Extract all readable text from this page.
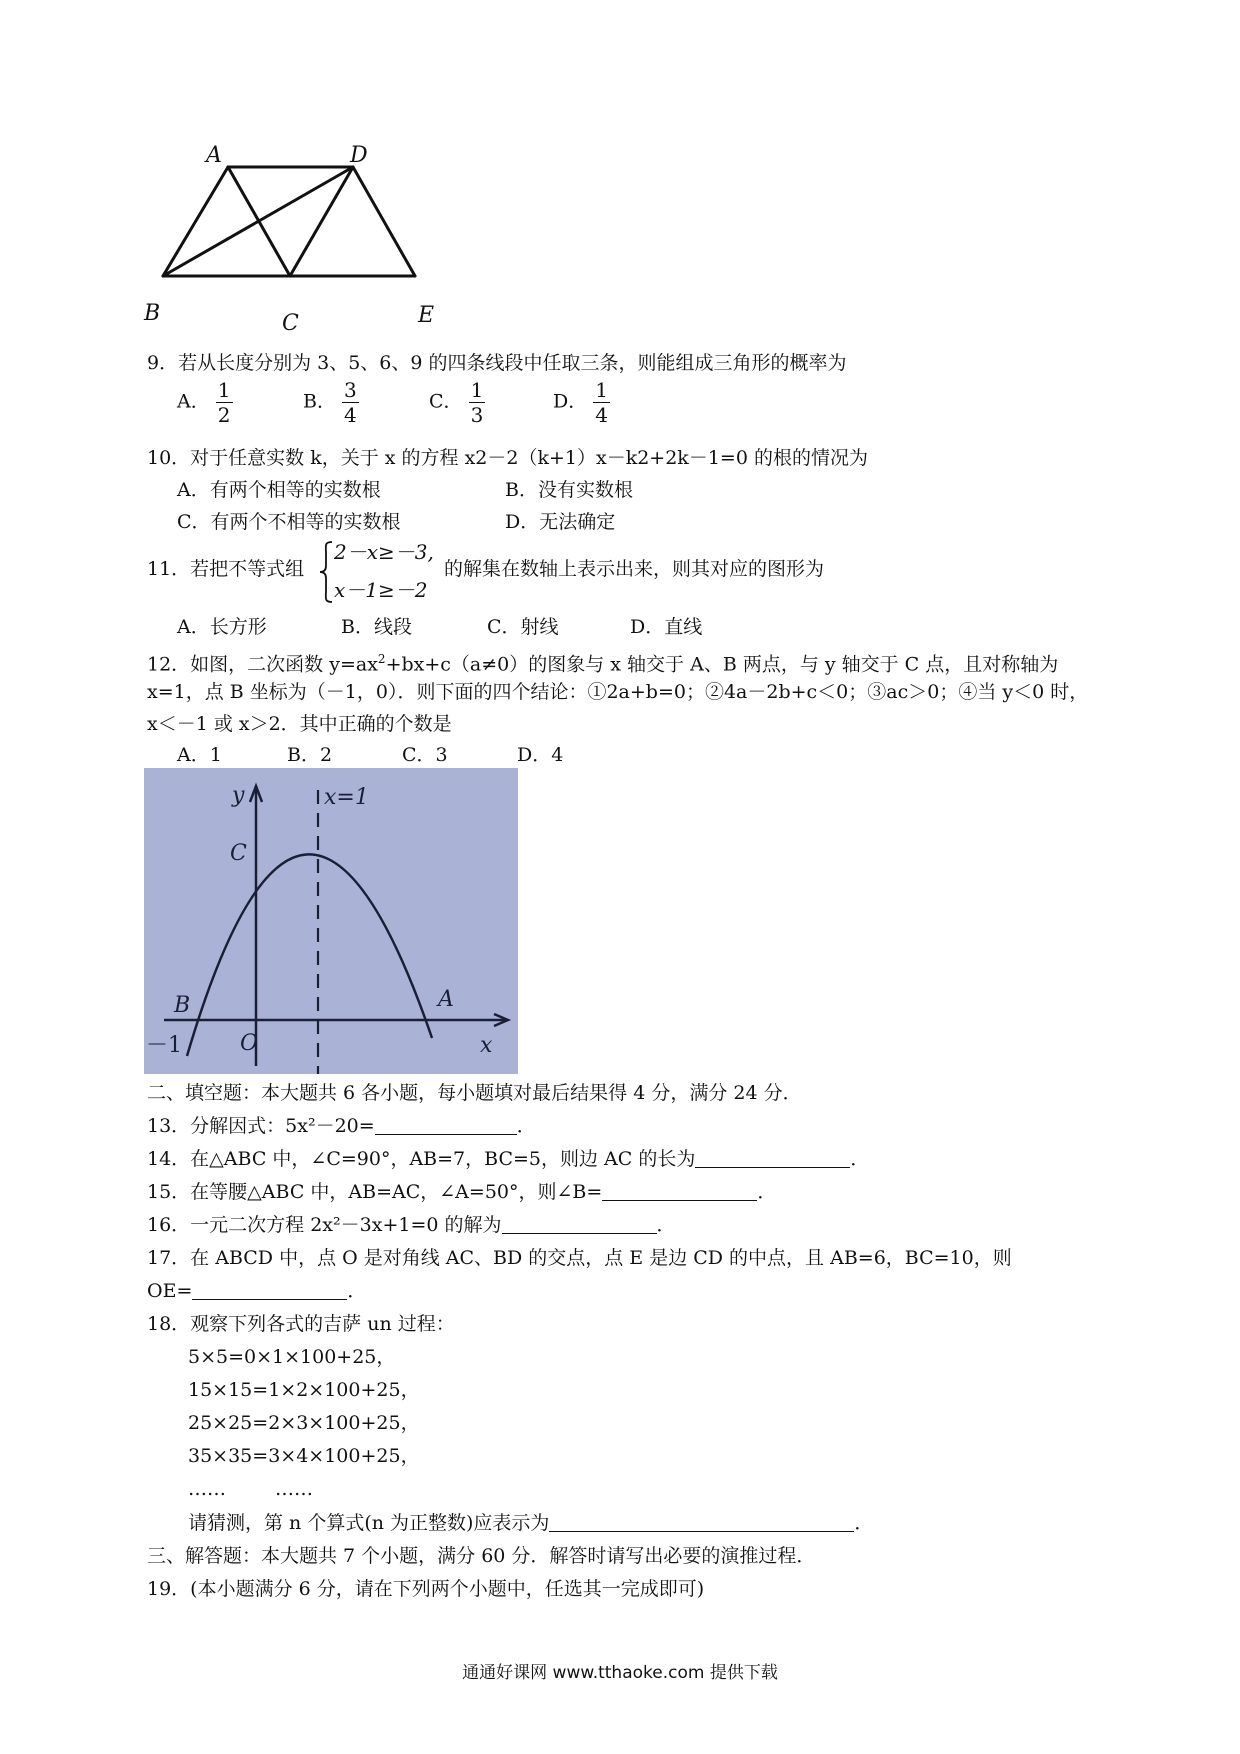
A	D
B	C	E
9．若从长度分别为 3、5、6、9 的四条线段中任取三条，则能组成三角形的概率为
A． $\frac{1}{2}$	B． $\frac{3}{4}$	C． $\frac{1}{3}$	D． $\frac{1}{4}$
10．对于任意实数 k，关于 x 的方程 x2－2（k+1）x－k2+2k－1=0 的根的情况为
A．有两个相等的实数根	B．没有实数根
C．有两个不相等的实数根	D．无法确定
11．若把不等式组
2－x≥－3,
x－1≥－2
的解集在数轴上表示出来，则其对应的图形为
A．长方形	B．线段	C．射线	D．直线
12．如图，二次函数 $y=ax^2+bx+c(a\ne 0)$的图象与 x 轴交于 A、B 两点，与 y 轴交于 C 点，且对称轴为
x=1，点 B 坐标为（－1，0）．则下面的四个结论：①2a+b=0；②4a－2b+c＜0；③ac＞0；④当 y＜0 时，
x＜－1 或 x＞2．其中正确的个数是
A．1	B．2	C．3	D．4
y	x=1
C
B	A
－1	O	x
二、填空题：本大题共 6 各小题，每小题填对最后结果得 4 分，满分 24 分．
13．分解因式：5x²－20=	．
14．在△ABC 中，∠C=90°，AB=7，BC=5，则边 AC 的长为	．
15．在等腰△ABC 中，AB=AC，∠A=50°，则∠B=	．
16．一元二次方程 2x²－3x+1=0 的解为	．
17．在 ABCD 中，点 O 是对角线 AC、BD 的交点，点 E 是边 CD 的中点，且 AB=6，BC=10，则
OE=	．
18．观察下列各式的吉萨 un 过程：
5×5=0×1×100+25，
15×15=1×2×100+25，
25×25=2×3×100+25，
35×35=3×4×100+25，
……	……
请猜测，第 n 个算式(n 为正整数)应表示为	．
三、解答题：本大题共 7 个小题，满分 60 分．解答时请写出必要的演推过程．
19．(本小题满分 6 分，请在下列两个小题中，任选其一完成即可)
通通好课网 www.tthaoke.com 提供下载
